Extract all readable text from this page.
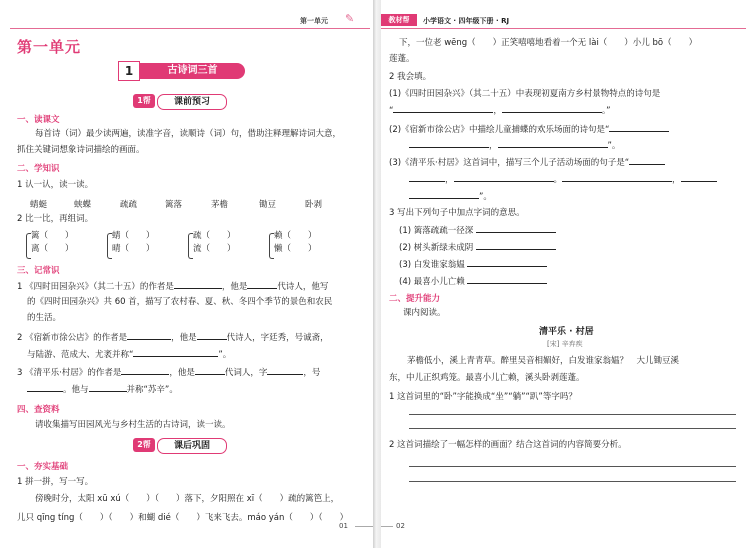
第一单元 ✎
第一单元
1	古诗词三首
1帮	课前预习
一、读课文
每首诗（词）最少读两遍，读准字音，读顺诗（词）句，借助注释理解诗词大意，
抓住关键词想象诗词描绘的画面。
二、学知识
1 认一认，读一读。
蜻蜓	蛱蝶	疏疏	篱落	茅檐	锄豆	卧剥
2 比一比，再组词。
篱（　　）
离（　　）
蜻（　　）
晴（　　）
疏（　　）
流（　　）
赖（　　）
懒（　　）
三、记常识
1 《四时田园杂兴》（其二十五）的作者是	，他是	代诗人，他写
的《四时田园杂兴》共 60 首，描写了农村春、夏、秋、冬四个季节的景色和农民
的生活。
2 《宿新市徐公店》的作者是	，他是	代诗人，字廷秀，号诚斋，
与陆游、范成大、尤袤并称“	”。
3 《清平乐·村居》的作者是	，他是	代词人，字	，号
。他与	并称“苏辛”。
四、查资料
请收集描写田园风光与乡村生活的古诗词，读一读。
2帮	课后巩固
一、夯实基础
1 拼一拼，写一写。
傍晚时分，太阳 xū xú（　　）（　　）落下，夕阳照在 xī（　　）疏的篱笆上，
儿只 qīng tíng（　　）（　　）和蝴 dié（　　）飞来飞去。máo yán（　　）（　　）
01
教材帮	小学语文 · 四年级下册 · RJ
下，一位老 wēng（　　）正笑嘻嘻地看着一个无 lài（　　）小儿 bō（　　）
莲蓬。
2 我会填。
(1)《四时田园杂兴》（其二十五）中表现初夏南方乡村景物特点的诗句是
“	，	。”
(2)《宿新市徐公店》中描绘儿童捕蝶的欢乐场面的诗句是“
，	”。
(3)《清平乐·村居》这首词中，描写三个儿子活动场面的句子是“
，	。	，
”。
3 写出下列句子中加点字词的意思。
(1) 篱落疏疏一径深
(2) 树头新绿未成阴
(3) 白发谁家翁媪
(4) 最喜小儿亡赖
二、提升能力
课内阅读。
清平乐 · 村居
[宋] 辛弃疾
茅檐低小，溪上青青草。醉里吴音相媚好，白发谁家翁媪？　大儿锄豆溪
东，中儿正织鸡笼。最喜小儿亡赖，溪头卧剥莲蓬。
1 这首词里的“卧”字能换成“坐”“躺”“趴”等字吗？
2 这首词描绘了一幅怎样的画面？结合这首词的内容简要分析。
02
